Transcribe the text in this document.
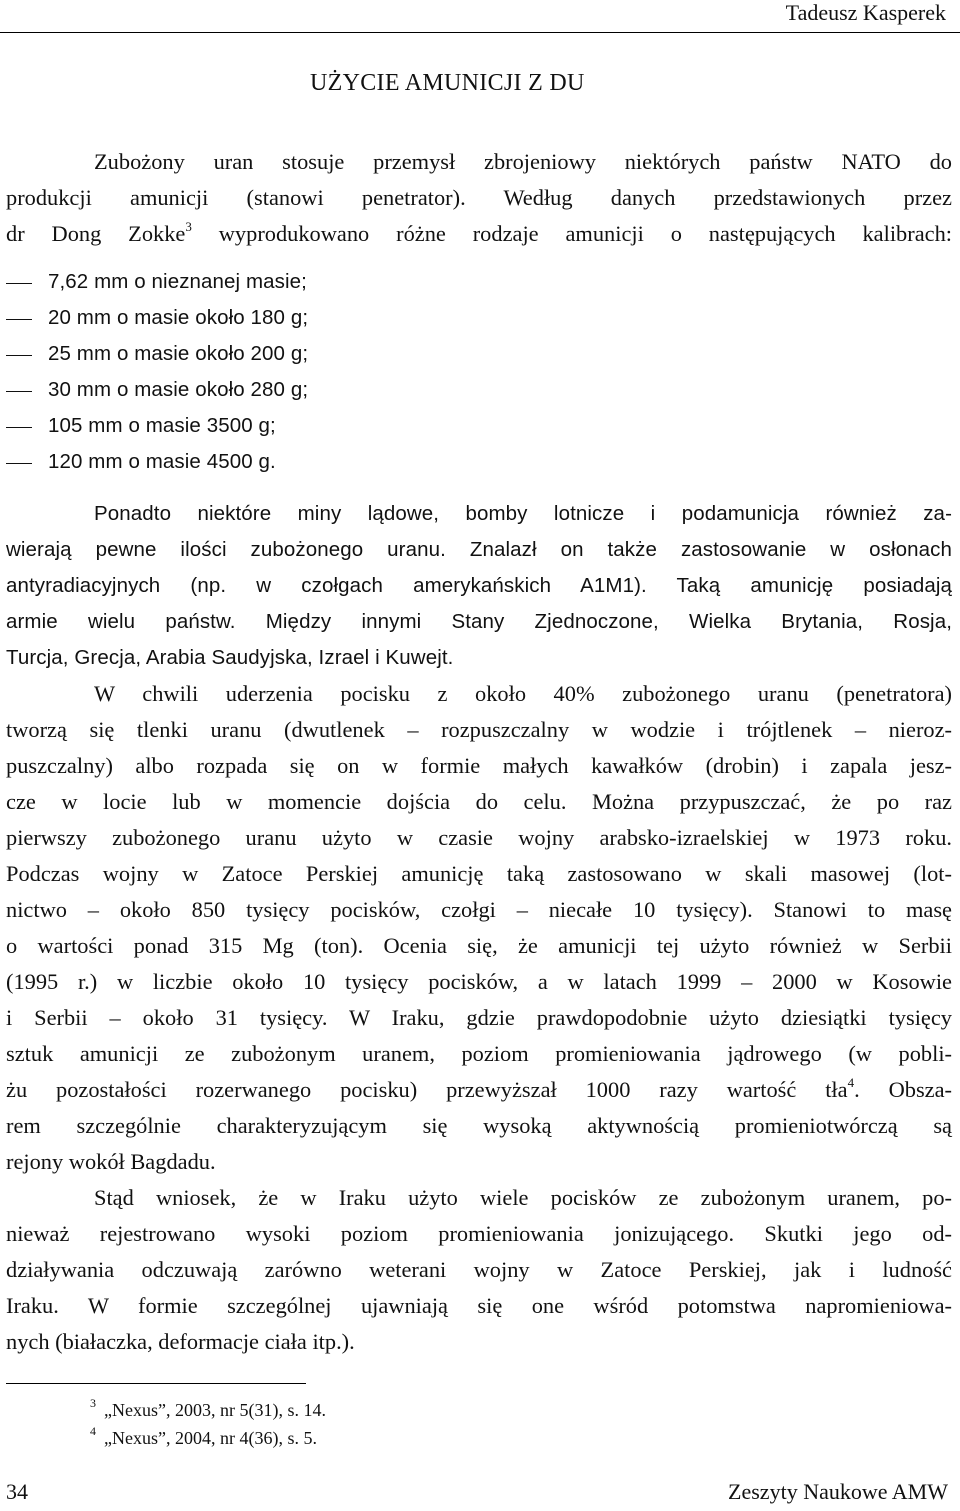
Tadeusz Kasperek
UŻYCIE AMUNICJI Z DU
Zubożony uran stosuje przemysł zbrojeniowy niektórych państw NATO do
produkcji amunicji (stanowi penetrator). Według danych przedstawionych przez
dr Dong Zokke$^3$ wyprodukowano różne rodzaje amunicji o następujących kalibrach:
7,62 mm o nieznanej masie;
20 mm o masie około 180 g;
25 mm o masie około 200 g;
30 mm o masie około 280 g;
105 mm o masie 3500 g;
120 mm o masie 4500 g.
Ponadto niektóre miny lądowe, bomby lotnicze i podamunicja również za-
wierają pewne ilości zubożonego uranu. Znalazł on także zastosowanie w osłonach
antyradiacyjnych (np. w czołgach amerykańskich A1M1). Taką amunicję posiadają
armie wielu państw. Między innymi Stany Zjednoczone, Wielka Brytania, Rosja,
Turcja, Grecja, Arabia Saudyjska, Izrael i Kuwejt.
W chwili uderzenia pocisku z około 40% zubożonego uranu (penetratora)
tworzą się tlenki uranu (dwutlenek – rozpuszczalny w wodzie i trójtlenek – nieroz-
puszczalny) albo rozpada się on w formie małych kawałków (drobin) i zapala jesz-
cze w locie lub w momencie dojścia do celu. Można przypuszczać, że po raz
pierwszy zubożonego uranu użyto w czasie wojny arabsko-izraelskiej w 1973 roku.
Podczas wojny w Zatoce Perskiej amunicję taką zastosowano w skali masowej (lot-
nictwo – około 850 tysięcy pocisków, czołgi – niecałe 10 tysięcy). Stanowi to masę
o wartości ponad 315 Mg (ton). Ocenia się, że amunicji tej użyto również w Serbii
(1995 r.) w liczbie około 10 tysięcy pocisków, a w latach 1999 – 2000 w Kosowie
i Serbii – około 31 tysięcy. W Iraku, gdzie prawdopodobnie użyto dziesiątki tysięcy
sztuk amunicji ze zubożonym uranem, poziom promieniowania jądrowego (w pobli-
żu pozostałości rozerwanego pocisku) przewyższał 1000 razy wartość tła$^4$. Obsza-
rem szczególnie charakteryzującym się wysoką aktywnością promieniotwórczą są
rejony wokół Bagdadu.
Stąd wniosek, że w Iraku użyto wiele pocisków ze zubożonym uranem, po-
nieważ rejestrowano wysoki poziom promieniowania jonizującego. Skutki jego od-
działywania odczuwają zarówno weterani wojny w Zatoce Perskiej, jak i ludność
Iraku. W formie szczególnej ujawniają się one wśród potomstwa napromieniowa-
nych (białaczka, deformacje ciała itp.).
$^3$ „Nexus”, 2003, nr 5(31), s. 14.
$^4$ „Nexus”, 2004, nr 4(36), s. 5.
34	Zeszyty Naukowe AMW
